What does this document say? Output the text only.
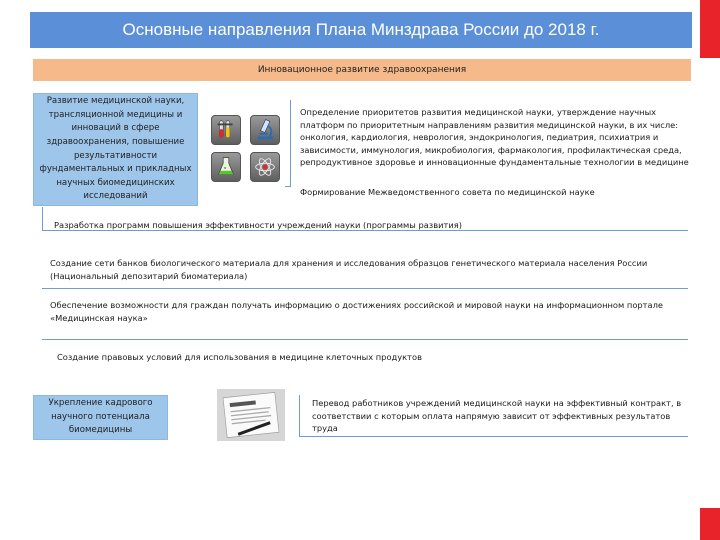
Основные направления Плана Минздрава России до 2018 г.
Инновационное развитие здравоохранения
Развитие медицинской науки, трансляционной медицины и инноваций в сфере здравоохранения, повышение результативности фундаментальных и прикладных научных биомедицинских исследований
Определение приоритетов развития медицинской науки, утверждение научных платформ по приоритетным направлениям развития медицинской науки, в их числе: онкология, кардиология, неврология, эндокринология, педиатрия, психиатрия и зависимости, иммунология, микробиология, фармакология, профилактическая среда, репродуктивное здоровье и инновационные фундаментальные технологии в медицине
Формирование Межведомственного совета по медицинской науке
Разработка программ повышения эффективности учреждений науки (программы развития)
Создание сети банков биологического материала для хранения и исследования образцов генетического материала населения России (Национальный депозитарий биоматериала)
Обеспечение возможности для граждан получать информацию о достижениях российской и мировой науки на информационном портале «Медицинская наука»
Создание правовых условий для использования в медицине клеточных продуктов
Укрепление кадрового научного потенциала биомедицины
Перевод работников учреждений медицинской науки на эффективный контракт, в соответствии с которым оплата напрямую зависит от эффективных результатов труда
